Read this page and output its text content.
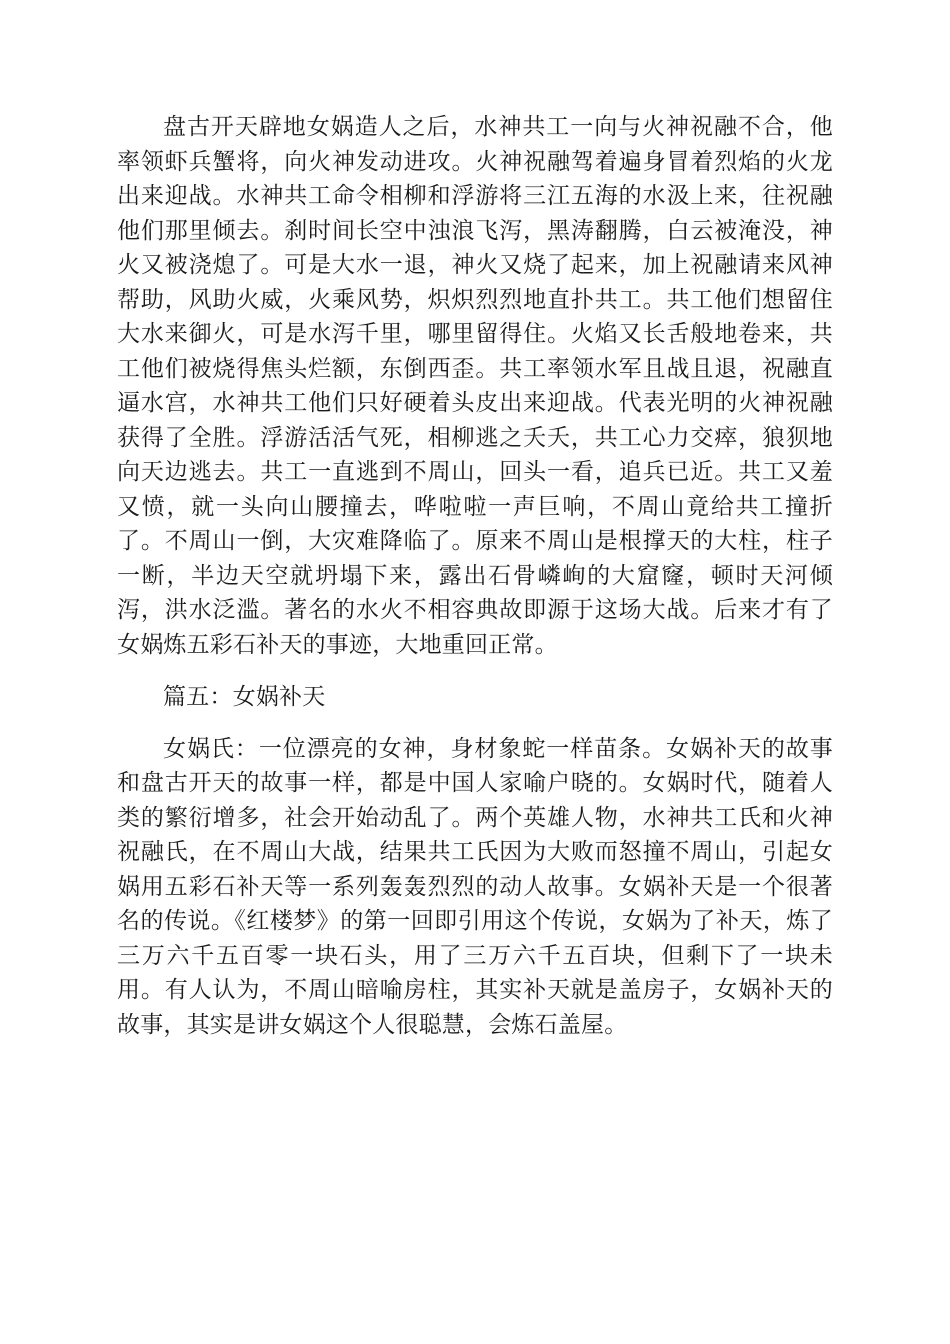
盘古开天辟地女娲造人之后，水神共工一向与火神祝融不合，他率领虾兵蟹将，向火神发动进攻。火神祝融驾着遍身冒着烈焰的火龙出来迎战。水神共工命令相柳和浮游将三江五海的水汲上来，往祝融他们那里倾去。刹时间长空中浊浪飞泻，黑涛翻腾，白云被淹没，神火又被浇熄了。可是大水一退，神火又烧了起来，加上祝融请来风神帮助，风助火威，火乘风势，炽炽烈烈地直扑共工。共工他们想留住大水来御火，可是水泻千里，哪里留得住。火焰又长舌般地卷来，共工他们被烧得焦头烂额，东倒西歪。共工率领水军且战且退，祝融直逼水宫，水神共工他们只好硬着头皮出来迎战。代表光明的火神祝融获得了全胜。浮游活活气死，相柳逃之夭夭，共工心力交瘁，狼狈地向天边逃去。共工一直逃到不周山，回头一看，追兵已近。共工又羞又愤，就一头向山腰撞去，哗啦啦一声巨响，不周山竟给共工撞折了。不周山一倒，大灾难降临了。原来不周山是根撑天的大柱，柱子一断，半边天空就坍塌下来，露出石骨嶙峋的大窟窿，顿时天河倾泻，洪水泛滥。著名的水火不相容典故即源于这场大战。后来才有了女娲炼五彩石补天的事迹，大地重回正常。

篇五：女娲补天

女娲氏：一位漂亮的女神，身材象蛇一样苗条。女娲补天的故事和盘古开天的故事一样，都是中国人家喻户晓的。女娲时代，随着人类的繁衍增多，社会开始动乱了。两个英雄人物，水神共工氏和火神祝融氏，在不周山大战，结果共工氏因为大败而怒撞不周山，引起女娲用五彩石补天等一系列轰轰烈烈的动人故事。女娲补天是一个很著名的传说。《红楼梦》的第一回即引用这个传说，女娲为了补天，炼了三万六千五百零一块石头，用了三万六千五百块，但剩下了一块未用。有人认为，不周山暗喻房柱，其实补天就是盖房子，女娲补天的故事，其实是讲女娲这个人很聪慧，会炼石盖屋。
